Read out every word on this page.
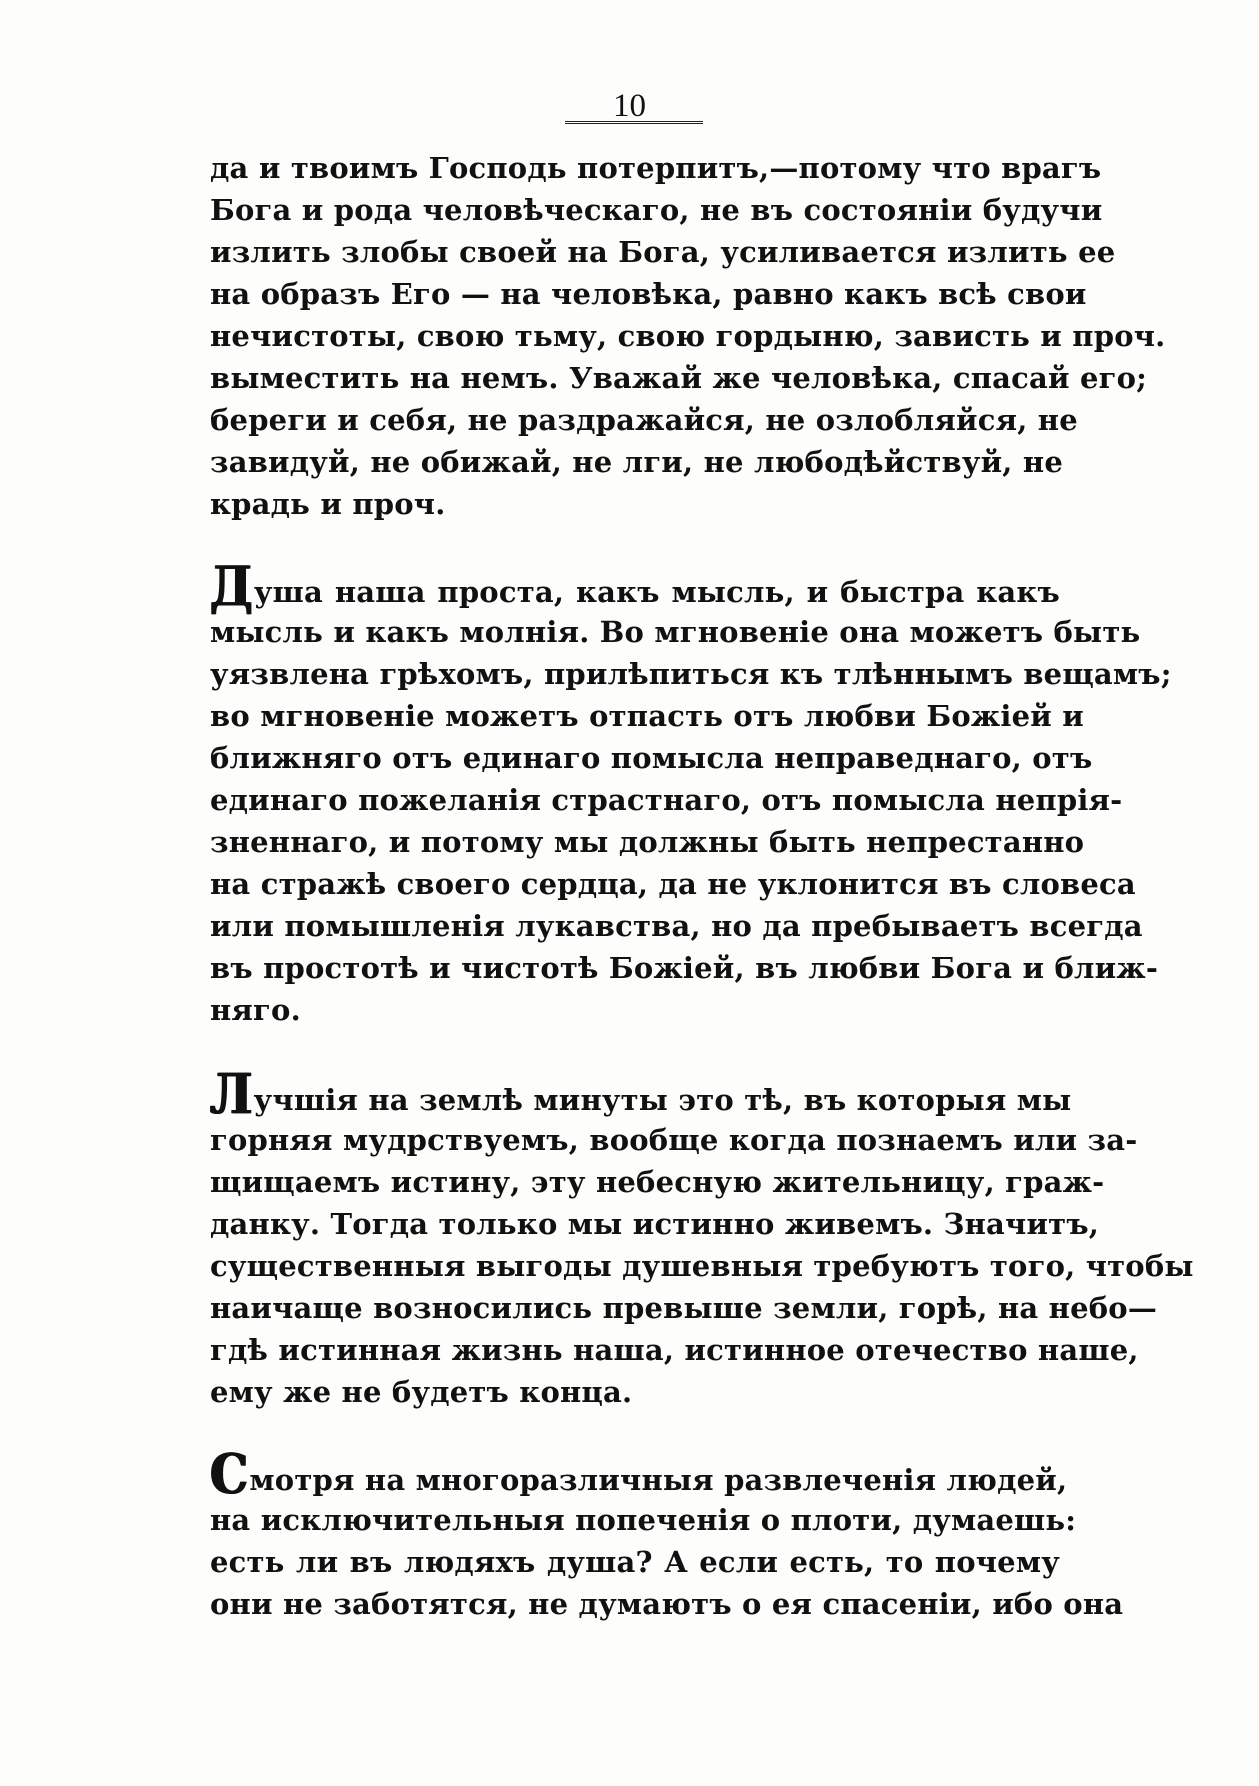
10
да и твоимъ Господь потерпитъ,—потому что врагъ
Бога и рода человѣческаго, не въ состояніи будучи
излить злобы своей на Бога, усиливается излить ее
на образъ Его — на человѣка, равно какъ всѣ свои
нечистоты, свою тьму, свою гордыню, зависть и проч.
выместить на немъ. Уважай же человѣка, спасай его;
береги и себя, не раздражайся, не озлобляйся, не
завидуй, не обижай, не лги, не любодѣйствуй, не
крадь и проч.
Душа наша проста, какъ мысль, и быстра какъ
мысль и какъ молнія. Во мгновеніе она можетъ быть
уязвлена грѣхомъ, прилѣпиться къ тлѣннымъ вещамъ;
во мгновеніе можетъ отпасть отъ любви Божіей и
ближняго отъ единаго помысла неправеднаго, отъ
единаго пожеланія страстнаго, отъ помысла непрія-
зненнаго, и потому мы должны быть непрестанно
на стражѣ своего сердца, да не уклонится въ словеса
или помышленія лукавства, но да пребываетъ всегда
въ простотѣ и чистотѣ Божіей, въ любви Бога и ближ-
няго.
Лучшія на землѣ минуты это тѣ, въ которыя мы
горняя мудрствуемъ, вообще когда познаемъ или за-
щищаемъ истину, эту небесную жительницу, граж-
данку. Тогда только мы истинно живемъ. Значитъ,
существенныя выгоды душевныя требуютъ того, чтобы
наичаще возносились превыше земли, горѣ, на небо—
гдѣ истинная жизнь наша, истинное отечество наше,
ему же не будетъ конца.
Смотря на многоразличныя развлеченія людей,
на исключительныя попеченія о плоти, думаешь:
есть ли въ людяхъ душа? А если есть, то почему
они не заботятся, не думаютъ о ея спасеніи, ибо она
